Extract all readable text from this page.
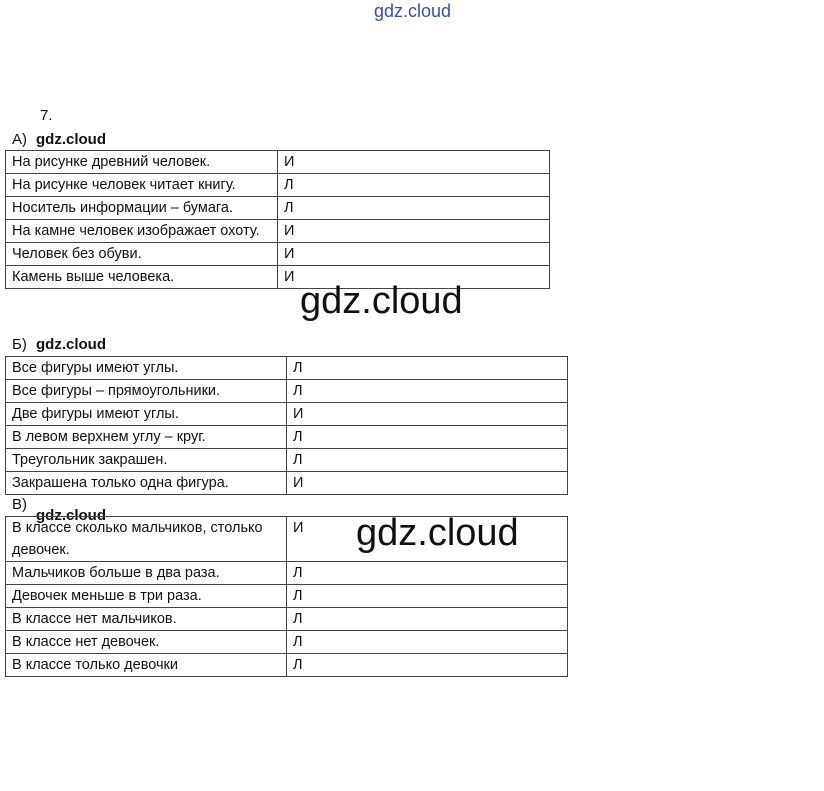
gdz.cloud
7.
А) gdz.cloud
На рисунке древний человек.	И
На рисунке человек читает книгу.	Л
Носитель информации – бумага.	Л
На камне человек изображает охоту.	И
Человек без обуви.	И
Камень выше человека.	И
gdz.cloud
Б) gdz.cloud
Все фигуры имеют углы.	Л
Все фигуры – прямоугольники.	Л
Две фигуры имеют углы.	И
В левом верхнем углу – круг.	Л
Треугольник закрашен.	Л
Закрашена только одна фигура.	И
В)
gdz.cloud
В классе сколько мальчиков, столько девочек.	И
Мальчиков больше в два раза.	Л
Девочек меньше в три раза.	Л
В классе нет мальчиков.	Л
В классе нет девочек.	Л
В классе только девочки	Л
gdz.cloud
